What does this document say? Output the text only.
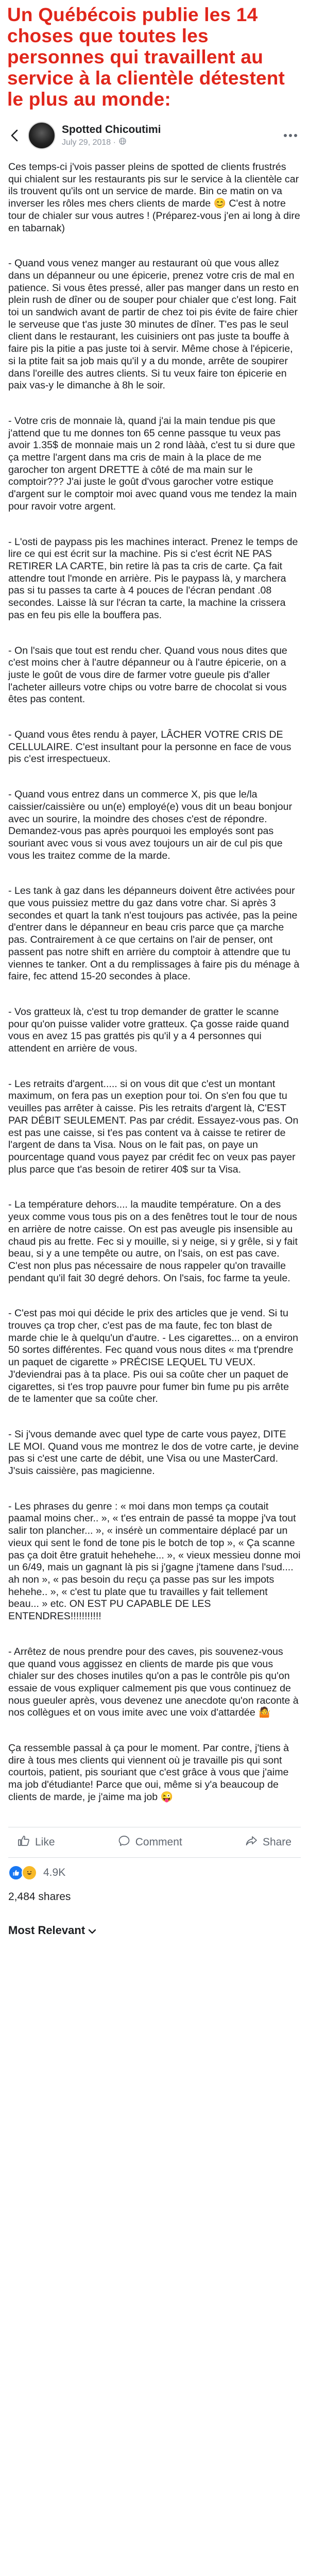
Un Québécois publie les 14 choses que toutes les personnes qui travaillent au service à la clientèle détestent le plus au monde:
Spotted Chicoutimi
July 29, 2018 ·

Ces temps-ci j'vois passer pleins de spotted de clients frustrés qui chialent sur les restaurants pis sur le service à la clientèle car ils trouvent qu'ils ont un service de marde. Bin ce matin on va inverser les rôles mes chers clients de marde 😊 C'est à notre tour de chialer sur vous autres ! (Préparez-vous j'en ai long à dire en tabarnak)

- Quand vous venez manger au restaurant où que vous allez dans un dépanneur ou une épicerie, prenez votre cris de mal en patience. Si vous êtes pressé, aller pas manger dans un resto en plein rush de dîner ou de souper pour chialer que c'est long. Fait toi un sandwich avant de partir de chez toi pis évite de faire chier le serveuse que t'as juste 30 minutes de dîner. T'es pas le seul client dans le restaurant, les cuisiniers ont pas juste ta bouffe à faire pis la pitie a pas juste toi à servir. Même chose à l'épicerie, si la ptite fait sa job mais qu'il y a du monde, arrête de soupirer dans l'oreille des autres clients. Si tu veux faire ton épicerie en paix vas-y le dimanche à 8h le soir.

- Votre cris de monnaie là, quand j'ai la main tendue pis que j'attend que tu me donnes ton 65 cenne passque tu veux pas avoir 1.35$ de monnaie mais un 2 rond lààà, c'est tu si dure que ça mettre l'argent dans ma cris de main à la place de me garocher ton argent DRETTE à côté de ma main sur le comptoir??? J'ai juste le goût d'vous garocher votre estique d'argent sur le comptoir moi avec quand vous me tendez la main pour ravoir votre argent.

- L'osti de paypass pis les machines interact. Prenez le temps de lire ce qui est écrit sur la machine. Pis si c'est écrit NE PAS RETIRER LA CARTE, bin retire là pas ta cris de carte. Ça fait attendre tout l'monde en arrière. Pis le paypass là, y marchera pas si tu passes ta carte à 4 pouces de l'écran pendant .08 secondes. Laisse là sur l'écran ta carte, la machine la crissera pas en feu pis elle la bouffera pas.

- On l'sais que tout est rendu cher. Quand vous nous dites que c'est moins cher à l'autre dépanneur ou à l'autre épicerie, on a juste le goût de vous dire de farmer votre gueule pis d'aller l'acheter ailleurs votre chips ou votre barre de chocolat si vous êtes pas content.

- Quand vous êtes rendu à payer, LÂCHER VOTRE CRIS DE CELLULAIRE. C'est insultant pour la personne en face de vous pis c'est irrespectueux.

- Quand vous entrez dans un commerce X, pis que le/la caissier/caissière ou un(e) employé(e) vous dit un beau bonjour avec un sourire, la moindre des choses c'est de répondre. Demandez-vous pas après pourquoi les employés sont pas souriant avec vous si vous avez toujours un air de cul pis que vous les traitez comme de la marde.

- Les tank à gaz dans les dépanneurs doivent être activées pour que vous puissiez mettre du gaz dans votre char. Si après 3 secondes et quart la tank n'est toujours pas activée, pas la peine d'entrer dans le dépanneur en beau cris parce que ça marche pas. Contrairement à ce que certains on l'air de penser, ont passent pas notre shift en arrière du comptoir à attendre que tu viennes te tanker. Ont a du remplissages à faire pis du ménage à faire, fec attend 15-20 secondes à place.

- Vos gratteux là, c'est tu trop demander de gratter le scanne pour qu'on puisse valider votre gratteux. Ça gosse raide quand vous en avez 15 pas grattés pis qu'il y a 4 personnes qui attendent en arrière de vous.

- Les retraits d'argent..... si on vous dit que c'est un montant maximum, on fera pas un exeption pour toi. On s'en fou que tu veuilles pas arrêter à caisse. Pis les retraits d'argent là, C'EST PAR DÉBIT SEULEMENT. Pas par crédit. Essayez-vous pas. On est pas une caisse, si t'es pas content va à caisse te retirer de l'argent de dans ta Visa. Nous on le fait pas, on paye un pourcentage quand vous payez par crédit fec on veux pas payer plus parce que t'as besoin de retirer 40$ sur ta Visa.

- La température dehors.... la maudite température. On a des yeux comme vous tous pis on a des fenêtres tout le tour de nous en arrière de notre caisse. On est pas aveugle pis insensible au chaud pis au frette. Fec si y mouille, si y neige, si y grêle, si y fait beau, si y a une tempête ou autre, on l'sais, on est pas cave. C'est non plus pas nécessaire de nous rappeler qu'on travaille pendant qu'il fait 30 degré dehors. On l'sais, foc farme ta yeule.

- C'est pas moi qui décide le prix des articles que je vend. Si tu trouves ça trop cher, c'est pas de ma faute, fec ton blast de marde chie le à quelqu'un d'autre. - Les cigarettes... on a environ 50 sortes différentes. Fec quand vous nous dites « ma t'prendre un paquet de cigarette » PRÉCISE LEQUEL TU VEUX. J'deviendrai pas à ta place. Pis oui sa coûte cher un paquet de cigarettes, si t'es trop pauvre pour fumer bin fume pu pis arrête de te lamenter que sa coûte cher.

- Si j'vous demande avec quel type de carte vous payez, DITE LE MOI. Quand vous me montrez le dos de votre carte, je devine pas si c'est une carte de débit, une Visa ou une MasterCard. J'suis caissière, pas magicienne.

- Les phrases du genre : « moi dans mon temps ça coutait paamal moins cher.. », « t'es entrain de passé ta moppe j'va tout salir ton plancher... », « insérè un commentaire déplacé par un vieux qui sent le fond de tone pis le botch de top », « Ça scanne pas ça doit être gratuit hehehehe... », « vieux messieu donne moi un 6/49, mais un gagnant là pis si j'gagne j'tamene dans l'sud.... ah non », « pas besoin du reçu ça passe pas sur les impots hehehe.. », « c'est tu plate que tu travailles y fait tellement beau... » etc. ON EST PU CAPABLE DE LES ENTENDRES!!!!!!!!!!!

- Arrêtez de nous prendre pour des caves, pis souvenez-vous que quand vous aggissez en clients de marde pis que vous chialer sur des choses inutiles qu'on a pas le contrôle pis qu'on essaie de vous expliquer calmement pis que vous continuez de nous gueuler après, vous devenez une anecdote qu'on raconte à nos collègues et on vous imite avec une voix d'attardée 🤷

Ça ressemble passal à ça pour le moment. Par contre, j'tiens à dire à tous mes clients qui viennent où je travaille pis qui sont courtois, patient, pis souriant que c'est grâce à vous que j'aime ma job d'étudiante! Parce que oui, même si y'a beaucoup de clients de marde, je j'aime ma job 😜

Like	Comment	Share
4.9K
2,484 shares
Most Relevant
